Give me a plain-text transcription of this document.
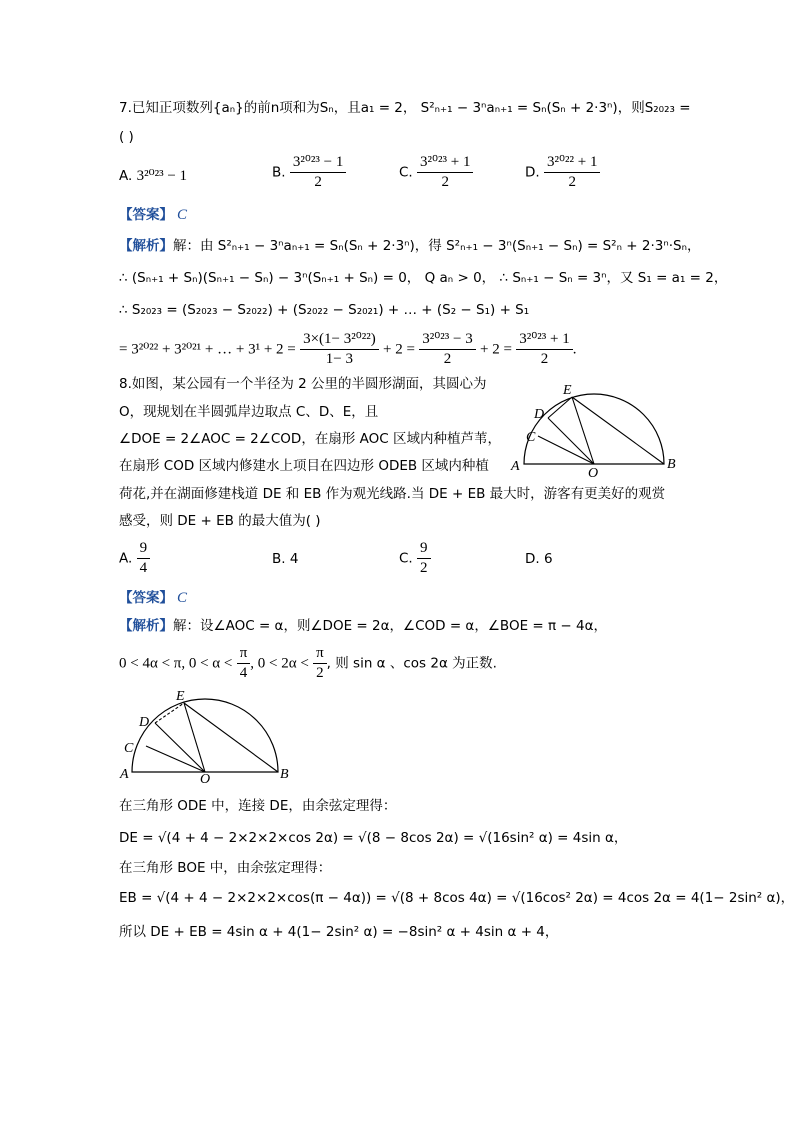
7.已知正项数列{aₙ}的前n项和为Sₙ，且a₁ = 2， S²ₙ₊₁ − 3ⁿaₙ₊₁ = Sₙ(Sₙ + 2·3ⁿ)，则S₂₀₂₃ =
( )
A. 3²⁰²³ − 1	B. $\frac{\text{3²⁰²³ − 1}}{2}$	C. $\frac{\text{3²⁰²³ + 1}}{2}$	D. $\frac{\text{3²⁰²² + 1}}{2}$
【答案】 C
【解析】解：由 S²ₙ₊₁ − 3ⁿaₙ₊₁ = Sₙ(Sₙ + 2·3ⁿ)，得 S²ₙ₊₁ − 3ⁿ(Sₙ₊₁ − Sₙ) = S²ₙ + 2·3ⁿ·Sₙ，
∴ (Sₙ₊₁ + Sₙ)(Sₙ₊₁ − Sₙ) − 3ⁿ(Sₙ₊₁ + Sₙ) = 0， Q aₙ > 0， ∴ Sₙ₊₁ − Sₙ = 3ⁿ，又 S₁ = a₁ = 2，
∴ S₂₀₂₃ = (S₂₀₂₃ − S₂₀₂₂) + (S₂₀₂₂ − S₂₀₂₁) + … + (S₂ − S₁) + S₁
= 3²⁰²² + 3²⁰²¹ + … + $3^1 + 2 = \frac{\text{3×(1− 3²⁰²²)}}{1- 3} + 2 = \frac{\text{3²⁰²³ − 3}}{2} + 2 = \frac{\text{3²⁰²³ + 1}}{2}$ .
8.如图，某公园有一个半径为 2 公里的半圆形湖面，其圆心为
O，现规划在半圆弧岸边取点 C、D、E，且
∠DOE = 2∠AOC = 2∠COD，在扇形 AOC 区域内种植芦苇，
在扇形 COD 区域内修建水上项目在四边形 ODEB 区域内种植
荷花,并在湖面修建栈道 DE 和 EB 作为观光线路.当 DE + EB 最大时，游客有更美好的观赏
感受，则 DE + EB 的最大值为( )
A	B
C
D
E
O
A. $\frac{9}{4}$	B. 4	C. $\frac{9}{2}$	D. 6
【答案】 C
【解析】解：设∠AOC = α，则∠DOE = 2α，∠COD = α，∠BOE = π − 4α，
0 < 4α < π, $0 < \alpha < \frac{\pi}{4}$ , $0 < 2\alpha < \frac{\pi}{2}$ , 则 sin α 、cos 2α 为正数.
A	B
C
D
E
O
在三角形 ODE 中，连接 DE，由余弦定理得：
DE = √(4 + 4 − 2×2×2×cos 2α) = √(8 − 8cos 2α) = √(16sin² α) = 4sin α，
在三角形 BOE 中，由余弦定理得：
EB = √(4 + 4 − 2×2×2×cos(π − 4α)) = √(8 + 8cos 4α) = √(16cos² 2α) = 4cos 2α = 4(1− 2sin² α)，
所以 DE + EB = 4sin α + 4(1− 2sin² α) = −8sin² α + 4sin α + 4，
